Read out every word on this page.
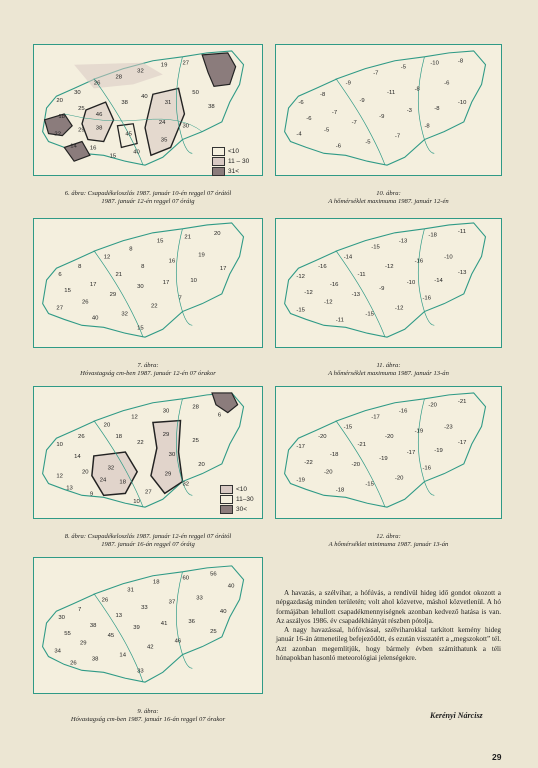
20
30
26
28
32
19	27
18
25
46
38
40
31
50
38
22
29 38
45
24
30
35
40
16
14
15
<10
11 – 30
31<
6. ábra: Csapadékeloszlás 1987. január 10-én reggel 07 órától
1987. január 12-én reggel 07 óráig
-6
-8
-9
-7
-5
-10	-8
-6
-7
-9
-11
-8
-6
-4
-5
-7
-9
-3	-8
-10
-6
-5
-7
-8
10. ábra:
A hőmérséklet maximuma 1987. január 12-én
6
8
12
8
15
21
20
15
17
21
8
16
19
17
27
26
29
30
17	10
40
32
22
7
15
7. ábra:
Hóvastagság cm-ben 1987. január 12-én 07 órakor
-12
-16
-14
-15
-13
-18
-11
-12
-16
-11
-12
-16
-10
-15
-12
-13
-9
-10	-14
-13
-11
-15
-12
-16
11. ábra:
A hőmérséklet maximuma 1987. január 13-án
10
26
20
12
30
28
6
29
30
29
25
22
18
14
32
18
24
20
12
13
9	27
10
20
32
<10
11–30
30<
8. ábra: Csapadékeloszlás 1987. január 12-én reggel 07 órától
1987. január 16-án reggel 07 óráig
-17
-20
-15
-17
-16
-20
-21
-22
-18
-21
-20
-19
-23
-19
-20
-20
-19
-17	-19
-17
-18
-15
-20
-16
12. ábra:
A hőmérséklet minimuma 1987. január 13-án
30
7
26
31
18
60
56
40
55
38
13
33
37
33
40
34
29
45
39
41	36
25
38
14
42
46
33
26
9. ábra:
Hóvastagság cm-ben 1987. január 16-án reggel 07 órakor

A havazás, a szélvihar, a hófúvás, a rendívül hideg idő gondot okozott a népgazdaság minden területén; volt ahol közvetve, máshol közvetlenül. A hó formájában lehullott csapadékmennyiségnek azonban kedvező hatása is van. Az aszályos 1986. év csapadékhiányát részben pótolja.

A nagy havazással, hófúvással, szélviharokkal tarkított kemény hideg január 16-án átmenetileg befejeződött, és ezután visszatért a „megszokott” tél. Azt azonban megemlítjük, hogy bármely évben számíthatunk a téli hónapokban hasonló meteorológiai jelenségekre.

Kerényi Nárcisz
29
